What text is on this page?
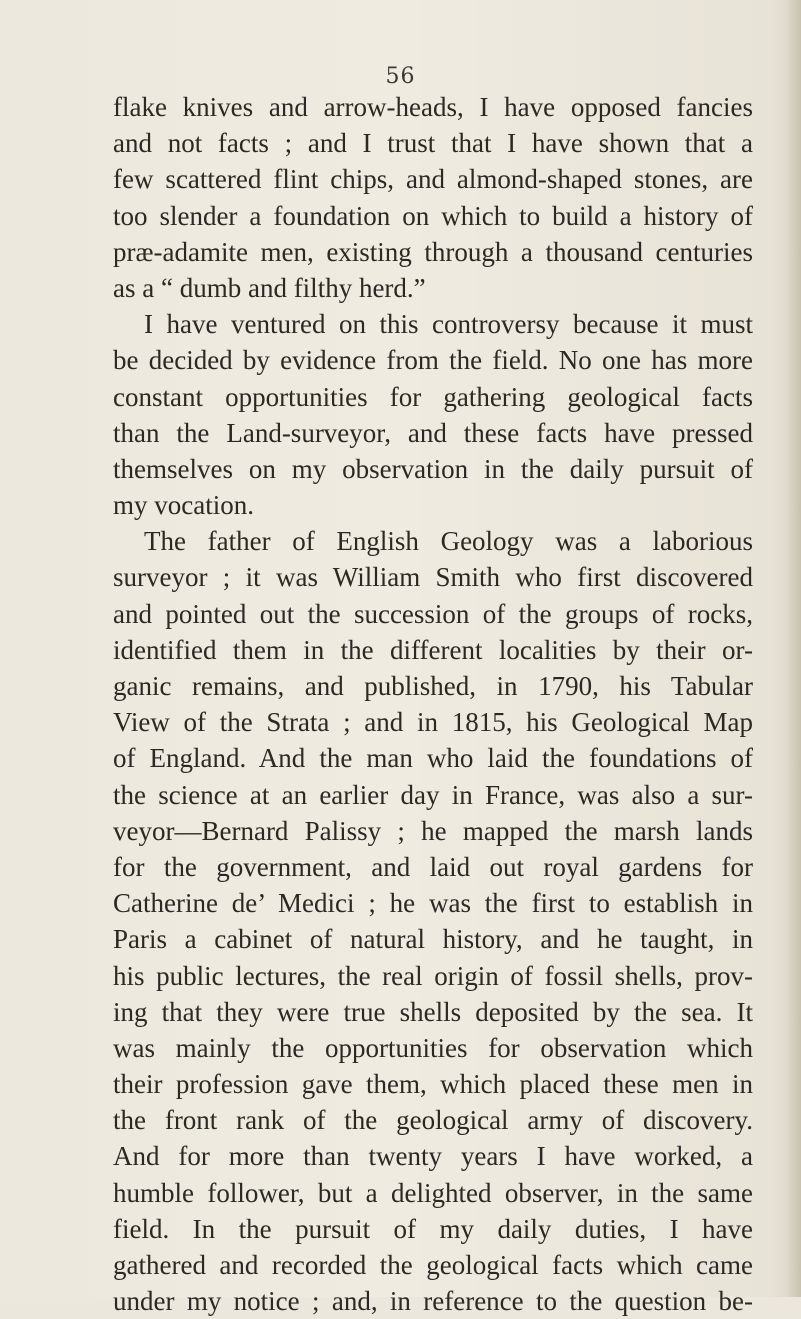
56
flake knives and arrow-heads, I have opposed fancies
and not facts ; and I trust that I have shown that a
few scattered flint chips, and almond-shaped stones, are
too slender a foundation on which to build a history of
præ-adamite men, existing through a thousand centuries
as a “ dumb and filthy herd.”
I have ventured on this controversy because it must
be decided by evidence from the field. No one has more
constant opportunities for gathering geological facts
than the Land-surveyor, and these facts have pressed
themselves on my observation in the daily pursuit of
my vocation.
The father of English Geology was a laborious
surveyor ; it was William Smith who first discovered
and pointed out the succession of the groups of rocks,
identified them in the different localities by their or-
ganic remains, and published, in 1790, his Tabular
View of the Strata ; and in 1815, his Geological Map
of England. And the man who laid the foundations of
the science at an earlier day in France, was also a sur-
veyor—Bernard Palissy ; he mapped the marsh lands
for the government, and laid out royal gardens for
Catherine de’ Medici ; he was the first to establish in
Paris a cabinet of natural history, and he taught, in
his public lectures, the real origin of fossil shells, prov-
ing that they were true shells deposited by the sea. It
was mainly the opportunities for observation which
their profession gave them, which placed these men in
the front rank of the geological army of discovery.
And for more than twenty years I have worked, a
humble follower, but a delighted observer, in the same
field. In the pursuit of my daily duties, I have
gathered and recorded the geological facts which came
under my notice ; and, in reference to the question be-
